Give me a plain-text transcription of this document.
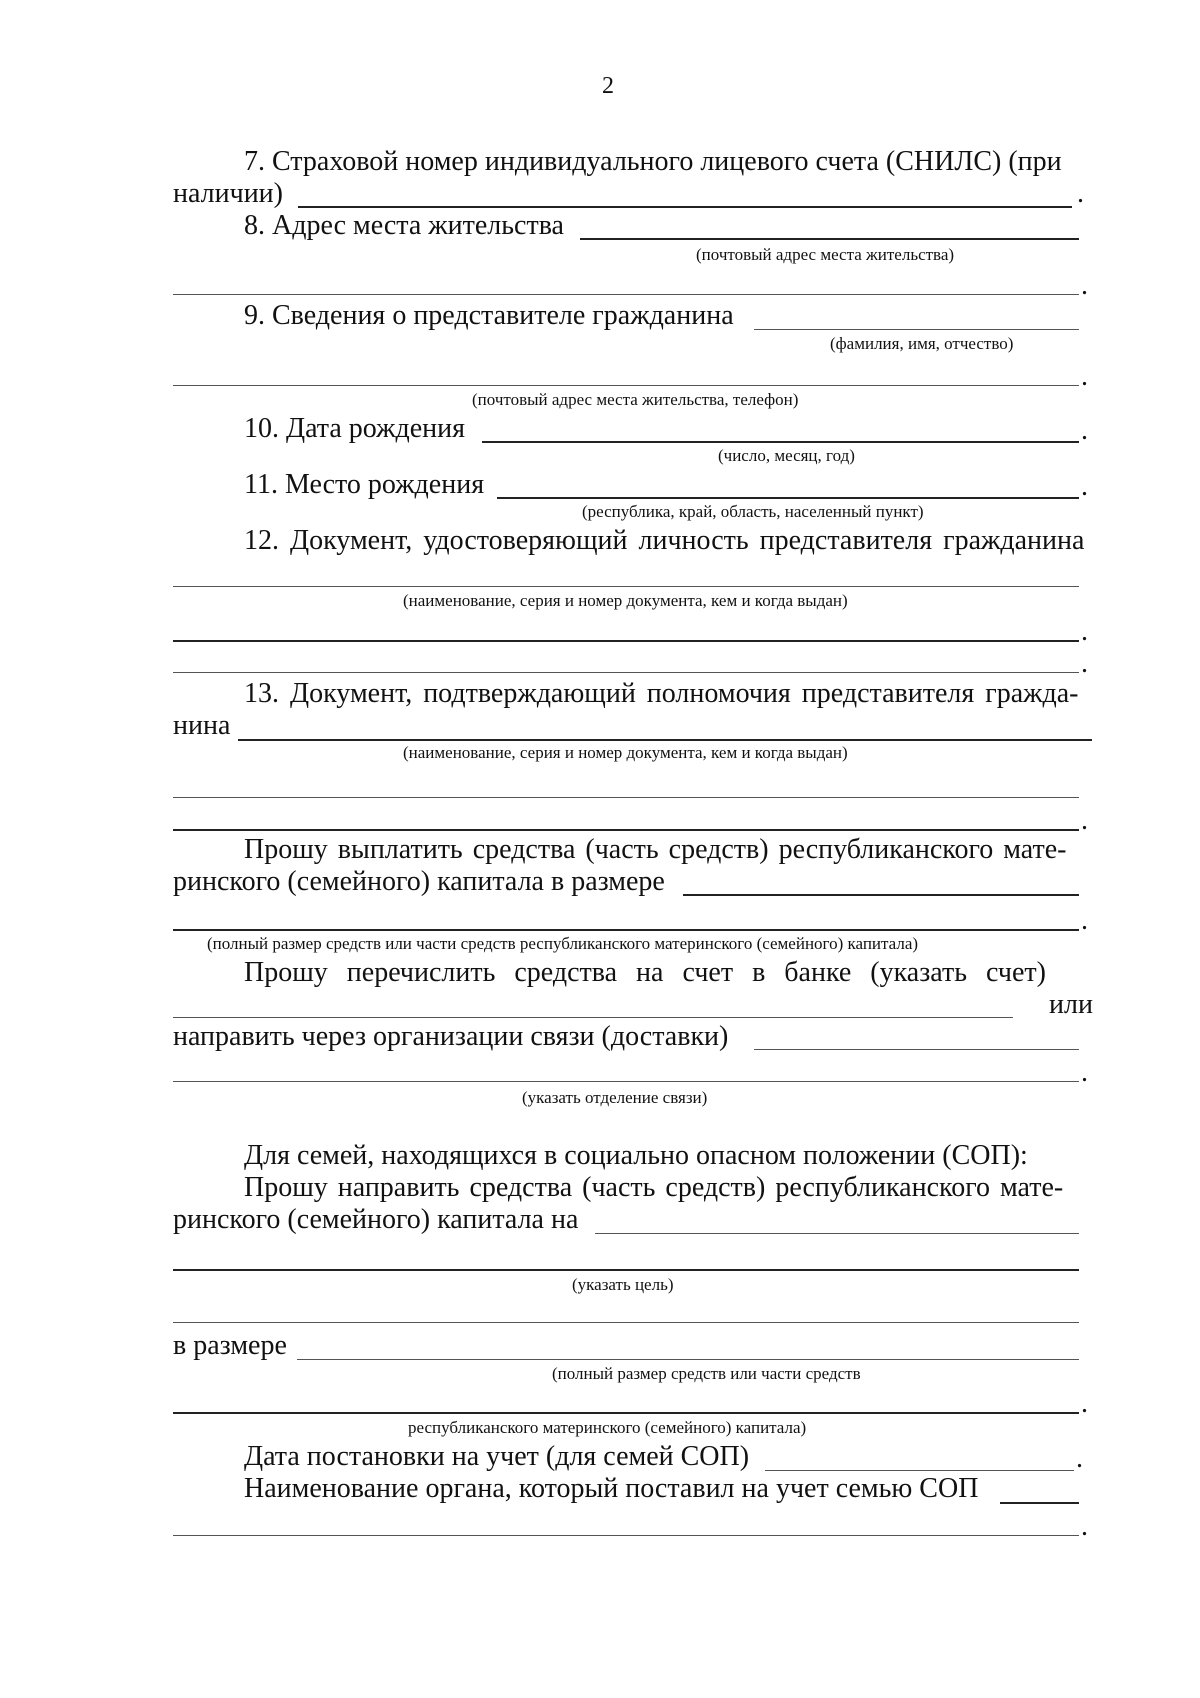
2
7. Страховой номер индивидуального лицевого счета (СНИЛС) (при
наличии)	.
8. Адрес места жительства
(почтовый адрес места жительства)
.
9. Сведения о представителе гражданина
(фамилия, имя, отчество)
.
(почтовый адрес места жительства, телефон)
10. Дата рождения	.
(число, месяц, год)
11. Место рождения	.
(республика, край, область, населенный пункт)
12. Документ, удостоверяющий личность представителя гражданина
(наименование, серия и номер документа, кем и когда выдан)
.
.
13. Документ, подтверждающий полномочия представителя гражда-
нина
(наименование, серия и номер документа, кем и когда выдан)
.
Прошу выплатить средства (часть средств) республиканского мате-
ринского (семейного) капитала в размере
.
(полный размер средств или части средств республиканского материнского (семейного) капитала)
Прошу перечислить средства на счет в банке (указать счет)
или
направить через организации связи (доставки)
.
(указать отделение связи)
Для семей, находящихся в социально опасном положении (СОП):
Прошу направить средства (часть средств) республиканского мате-
ринского (семейного) капитала на
(указать цель)
в размере
(полный размер средств или части средств
.
республиканского материнского (семейного) капитала)
Дата постановки на учет (для семей СОП)	.
Наименование органа, который поставил на учет семью СОП
.
